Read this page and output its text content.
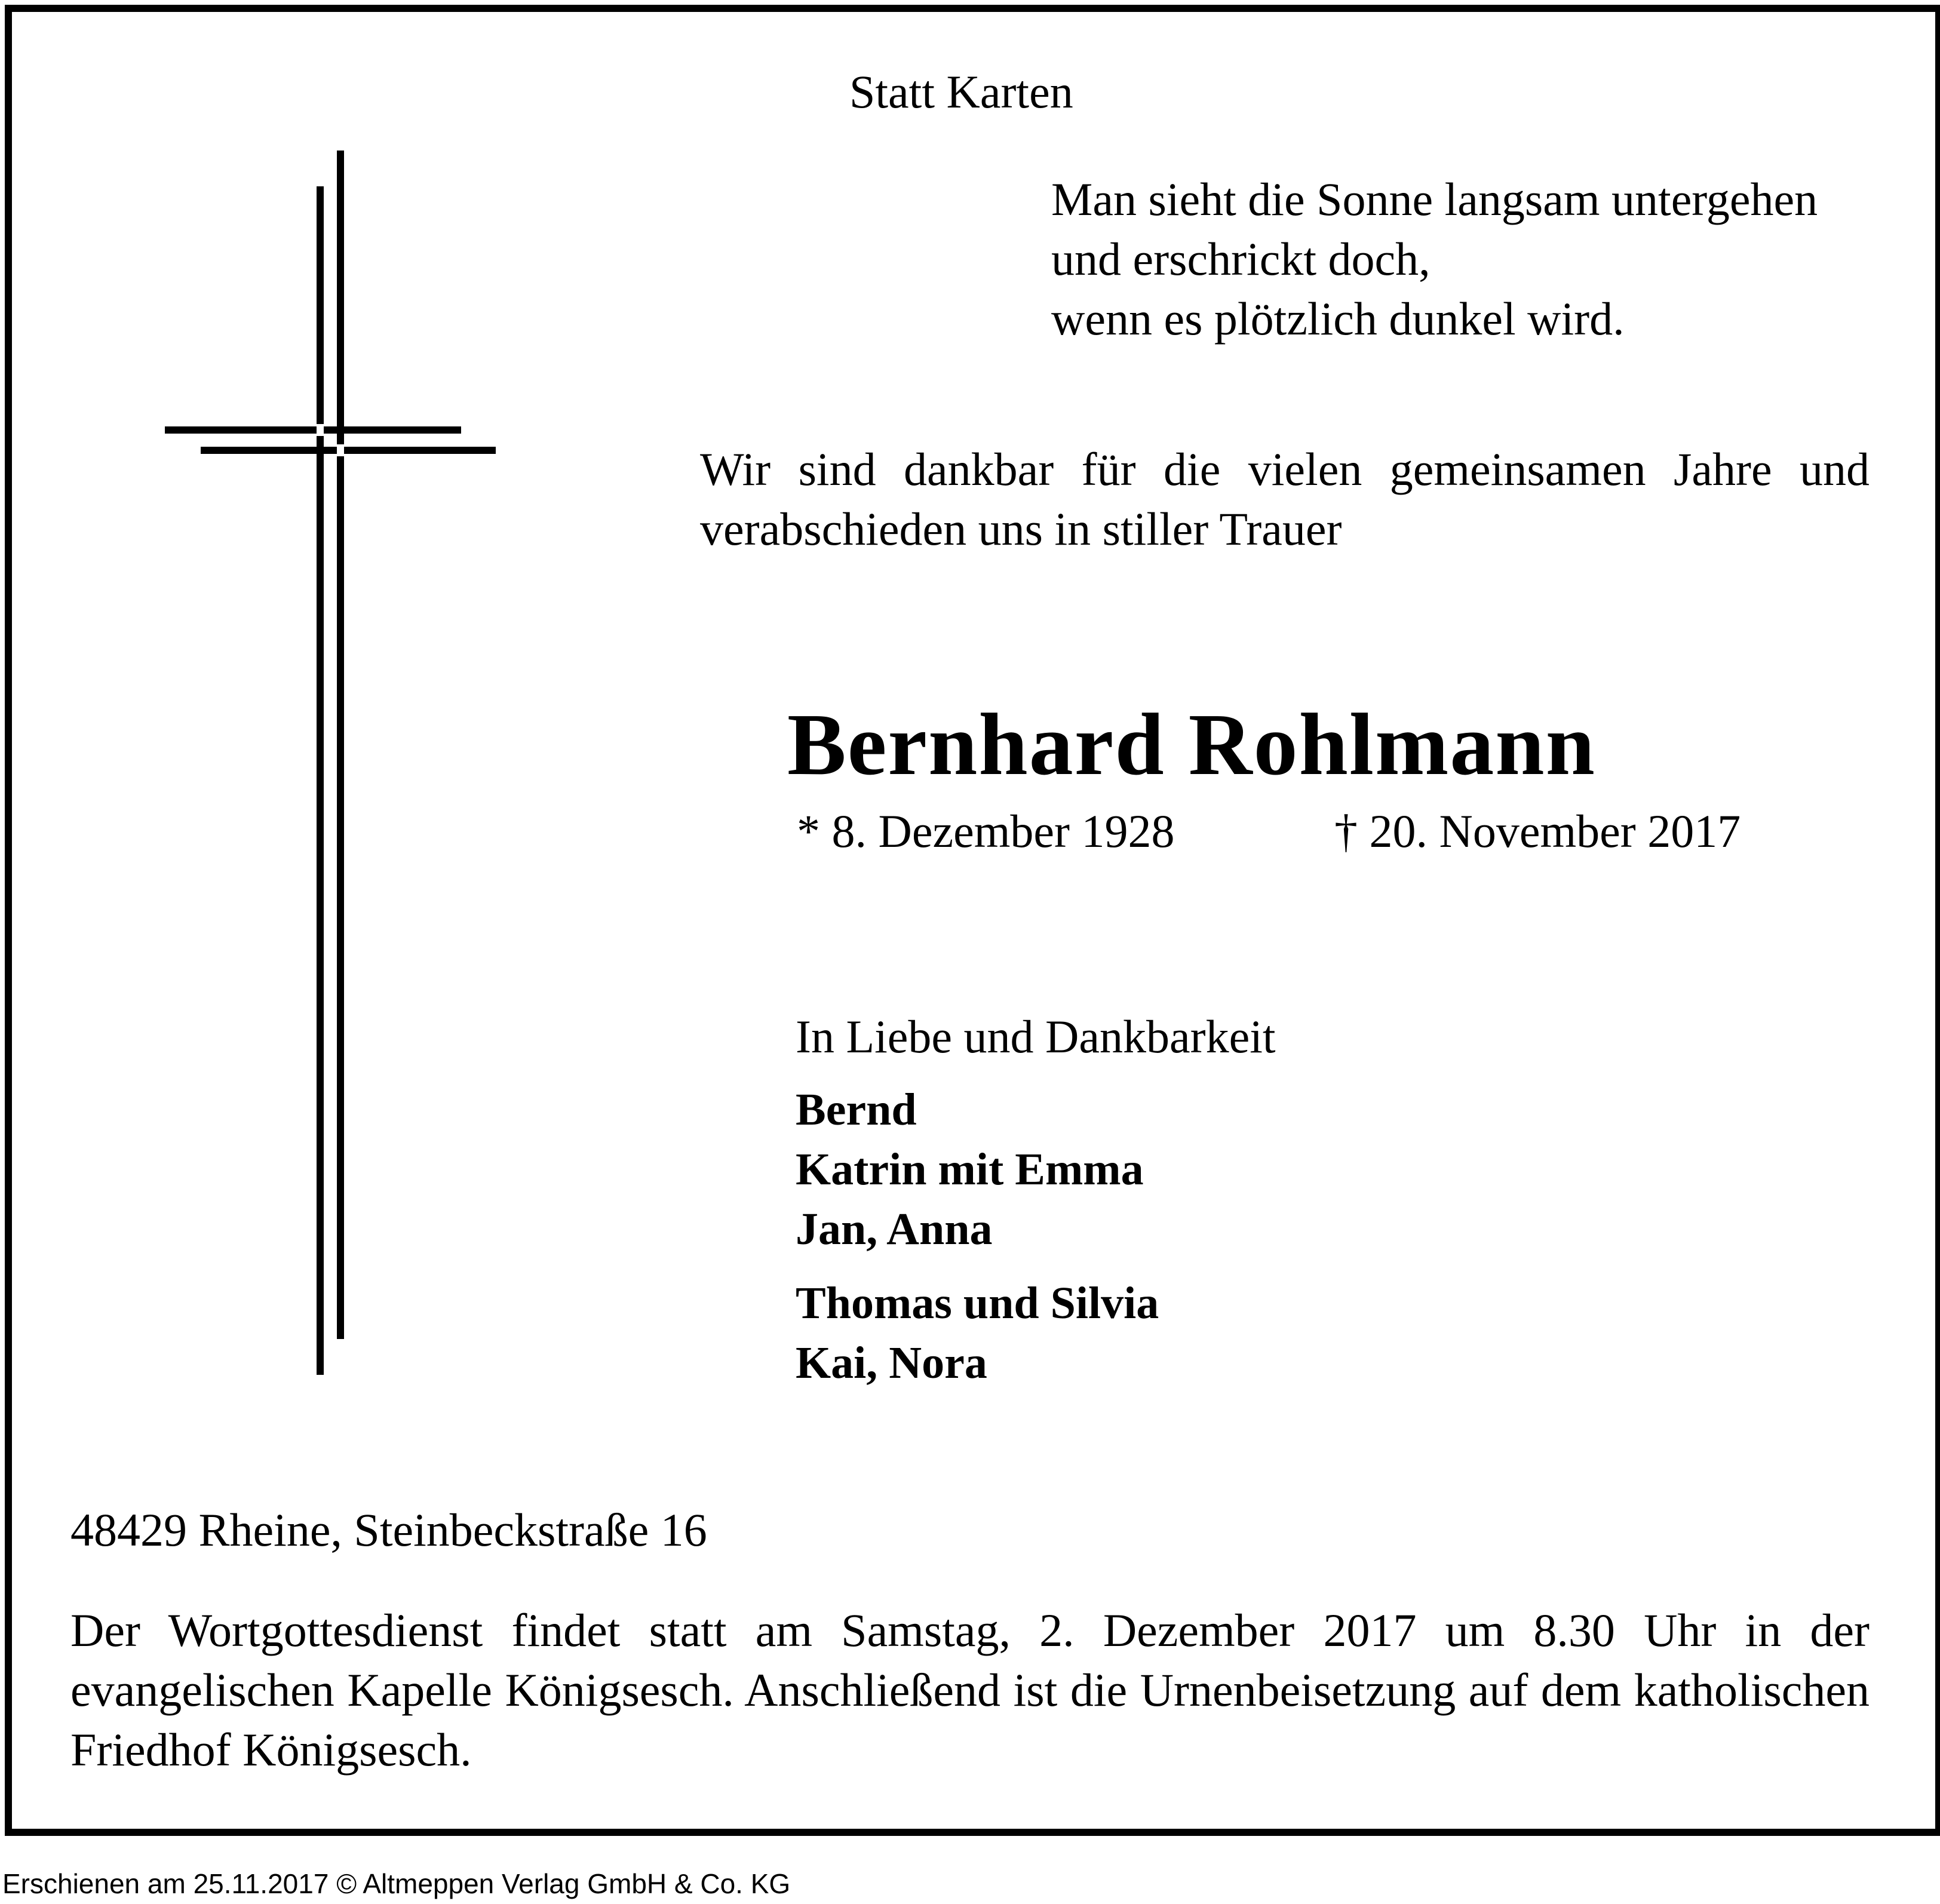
Statt Karten
Man sieht die Sonne langsam untergehen
und erschrickt doch,
wenn es plötzlich dunkel wird.
Wir sind dankbar für die vielen gemeinsamen Jahre und verabschieden uns in stiller Trauer
Bernhard Rohlmann
* 8. Dezember 1928	† 20. November 2017
In Liebe und Dankbarkeit
Bernd
Katrin mit Emma
Jan, Anna
Thomas und Silvia
Kai, Nora
48429 Rheine, Steinbeckstraße 16
Der Wortgottesdienst findet statt am Samstag, 2. Dezember 2017 um 8.30 Uhr in der evangelischen Kapelle Königsesch. Anschließend ist die Urnenbeisetzung auf dem katholischen Friedhof Königsesch.
Erschienen am 25.11.2017 © Altmeppen Verlag GmbH & Co. KG
